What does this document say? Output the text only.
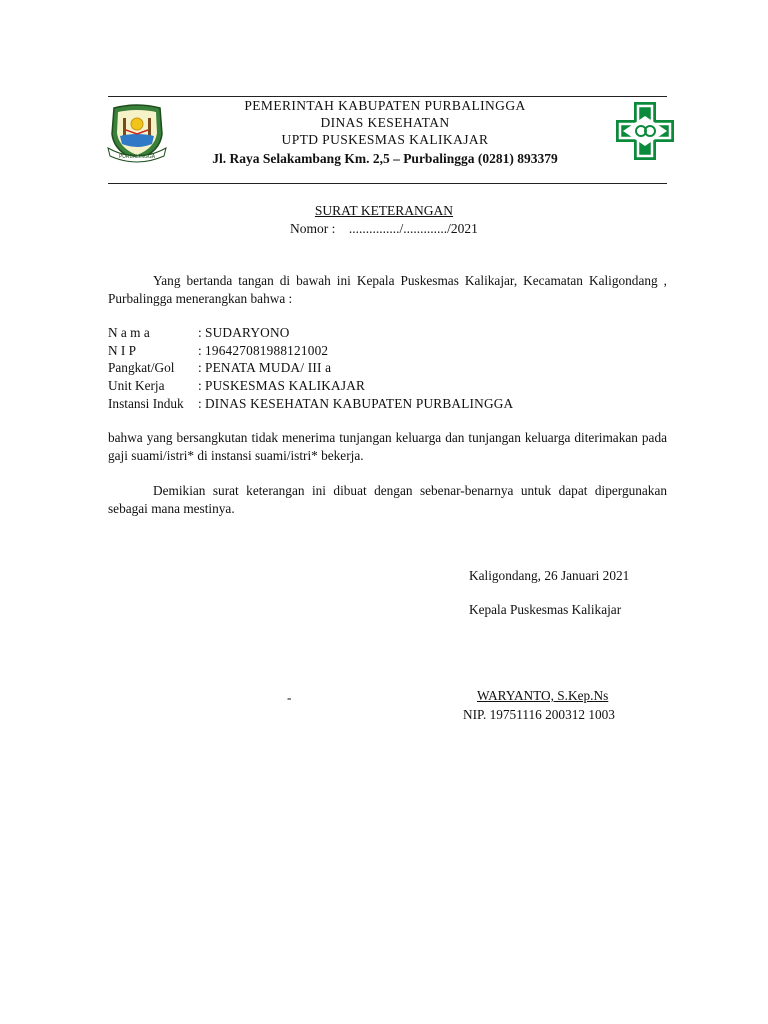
PURBALINGGA
PEMERINTAH KABUPATEN PURBALINGGA
DINAS KESEHATAN
UPTD PUSKESMAS KALIKAJAR
Jl. Raya Selakambang Km. 2,5 – Purbalingga (0281) 893379
SURAT KETERANGAN
Nomor : .............../............./2021
Yang bertanda tangan di bawah ini Kepala Puskesmas Kalikajar, Kecamatan Kaligondang , Purbalingga menerangkan bahwa :
N a m a	: SUDARYONO
N I P	: 196427081988121002
Pangkat/Gol : PENATA MUDA/ III a
Unit Kerja	: PUSKESMAS KALIKAJAR
Instansi Induk : DINAS KESEHATAN KABUPATEN PURBALINGGA
bahwa yang bersangkutan tidak menerima tunjangan keluarga dan tunjangan keluarga diterimakan pada gaji suami/istri* di instansi suami/istri* bekerja.
Demikian surat keterangan ini dibuat dengan sebenar-benarnya untuk dapat dipergunakan sebagai mana mestinya.
Kaligondang, 26 Januari 2021
Kepala Puskesmas Kalikajar
-	WARYANTO, S.Kep.Ns
NIP. 19751116 200312 1003
